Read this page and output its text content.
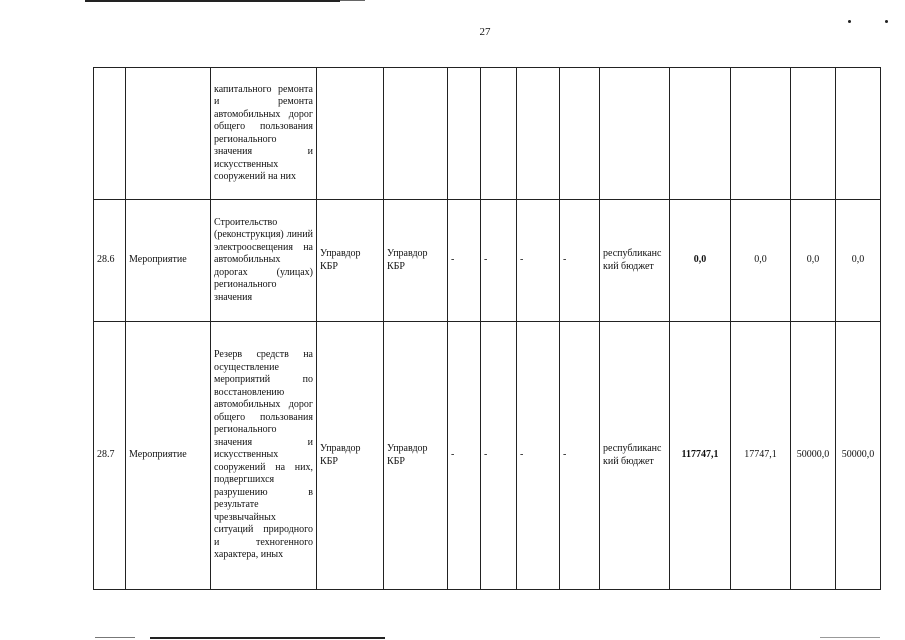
27
		капитального ремонта и ремонта автомобильных дорог общего пользования регионального значения и искусственных сооружений на них											
28.6	Мероприятие	Строительство (реконструкция) линий электроосвещения на автомобильных дорогах (улицах) регионального значения	Управдор КБР	Управдор КБР	-	-	-	-	республиканский бюджет	0,0	0,0	0,0	0,0
28.7	Мероприятие	Резерв средств на осуществление мероприятий по восстановлению автомобильных дорог общего пользования регионального значения и искусственных сооружений на них, подвергшихся разрушению в результате чрезвычайных ситуаций природного и техногенного характера, иных	Управдор КБР	Управдор КБР	-	-	-	-	республиканский бюджет	117747,1	17747,1	50000,0	50000,0
